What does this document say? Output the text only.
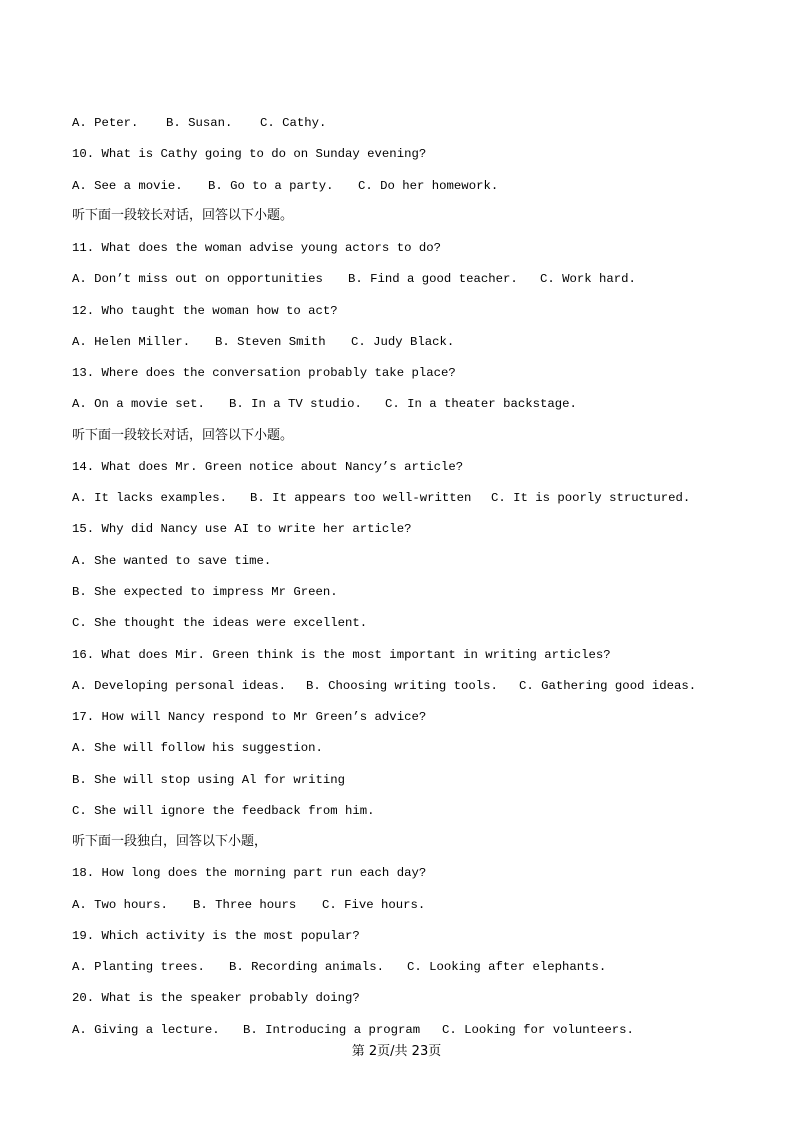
A. Peter. B. Susan. C. Cathy.
10. What is Cathy going to do on Sunday evening?
A. See a movie. B. Go to a party. C. Do her homework.
听下面一段较长对话，回答以下小题。
11. What does the woman advise young actors to do?
A. Don’t miss out on opportunities B. Find a good teacher. C. Work hard.
12. Who taught the woman how to act?
A. Helen Miller. B. Steven Smith C. Judy Black.
13. Where does the conversation probably take place?
A. On a movie set. B. In a TV studio. C. In a theater backstage.
听下面一段较长对话，回答以下小题。
14. What does Mr. Green notice about Nancy’s article?
A. It lacks examples. B. It appears too well-written C. It is poorly structured.
15. Why did Nancy use AI to write her article?
A. She wanted to save time.
B. She expected to impress Mr Green.
C. She thought the ideas were excellent.
16. What does Mir. Green think is the most important in writing articles?
A. Developing personal ideas. B. Choosing writing tools. C. Gathering good ideas.
17. How will Nancy respond to Mr Green’s advice?
A. She will follow his suggestion.
B. She will stop using Al for writing
C. She will ignore the feedback from him.
听下面一段独白，回答以下小题，
18. How long does the morning part run each day?
A. Two hours. B. Three hours C. Five hours.
19. Which activity is the most popular?
A. Planting trees. B. Recording animals. C. Looking after elephants.
20. What is the speaker probably doing?
A. Giving a lecture. B. Introducing a program C. Looking for volunteers.
第 2页/共 23页
